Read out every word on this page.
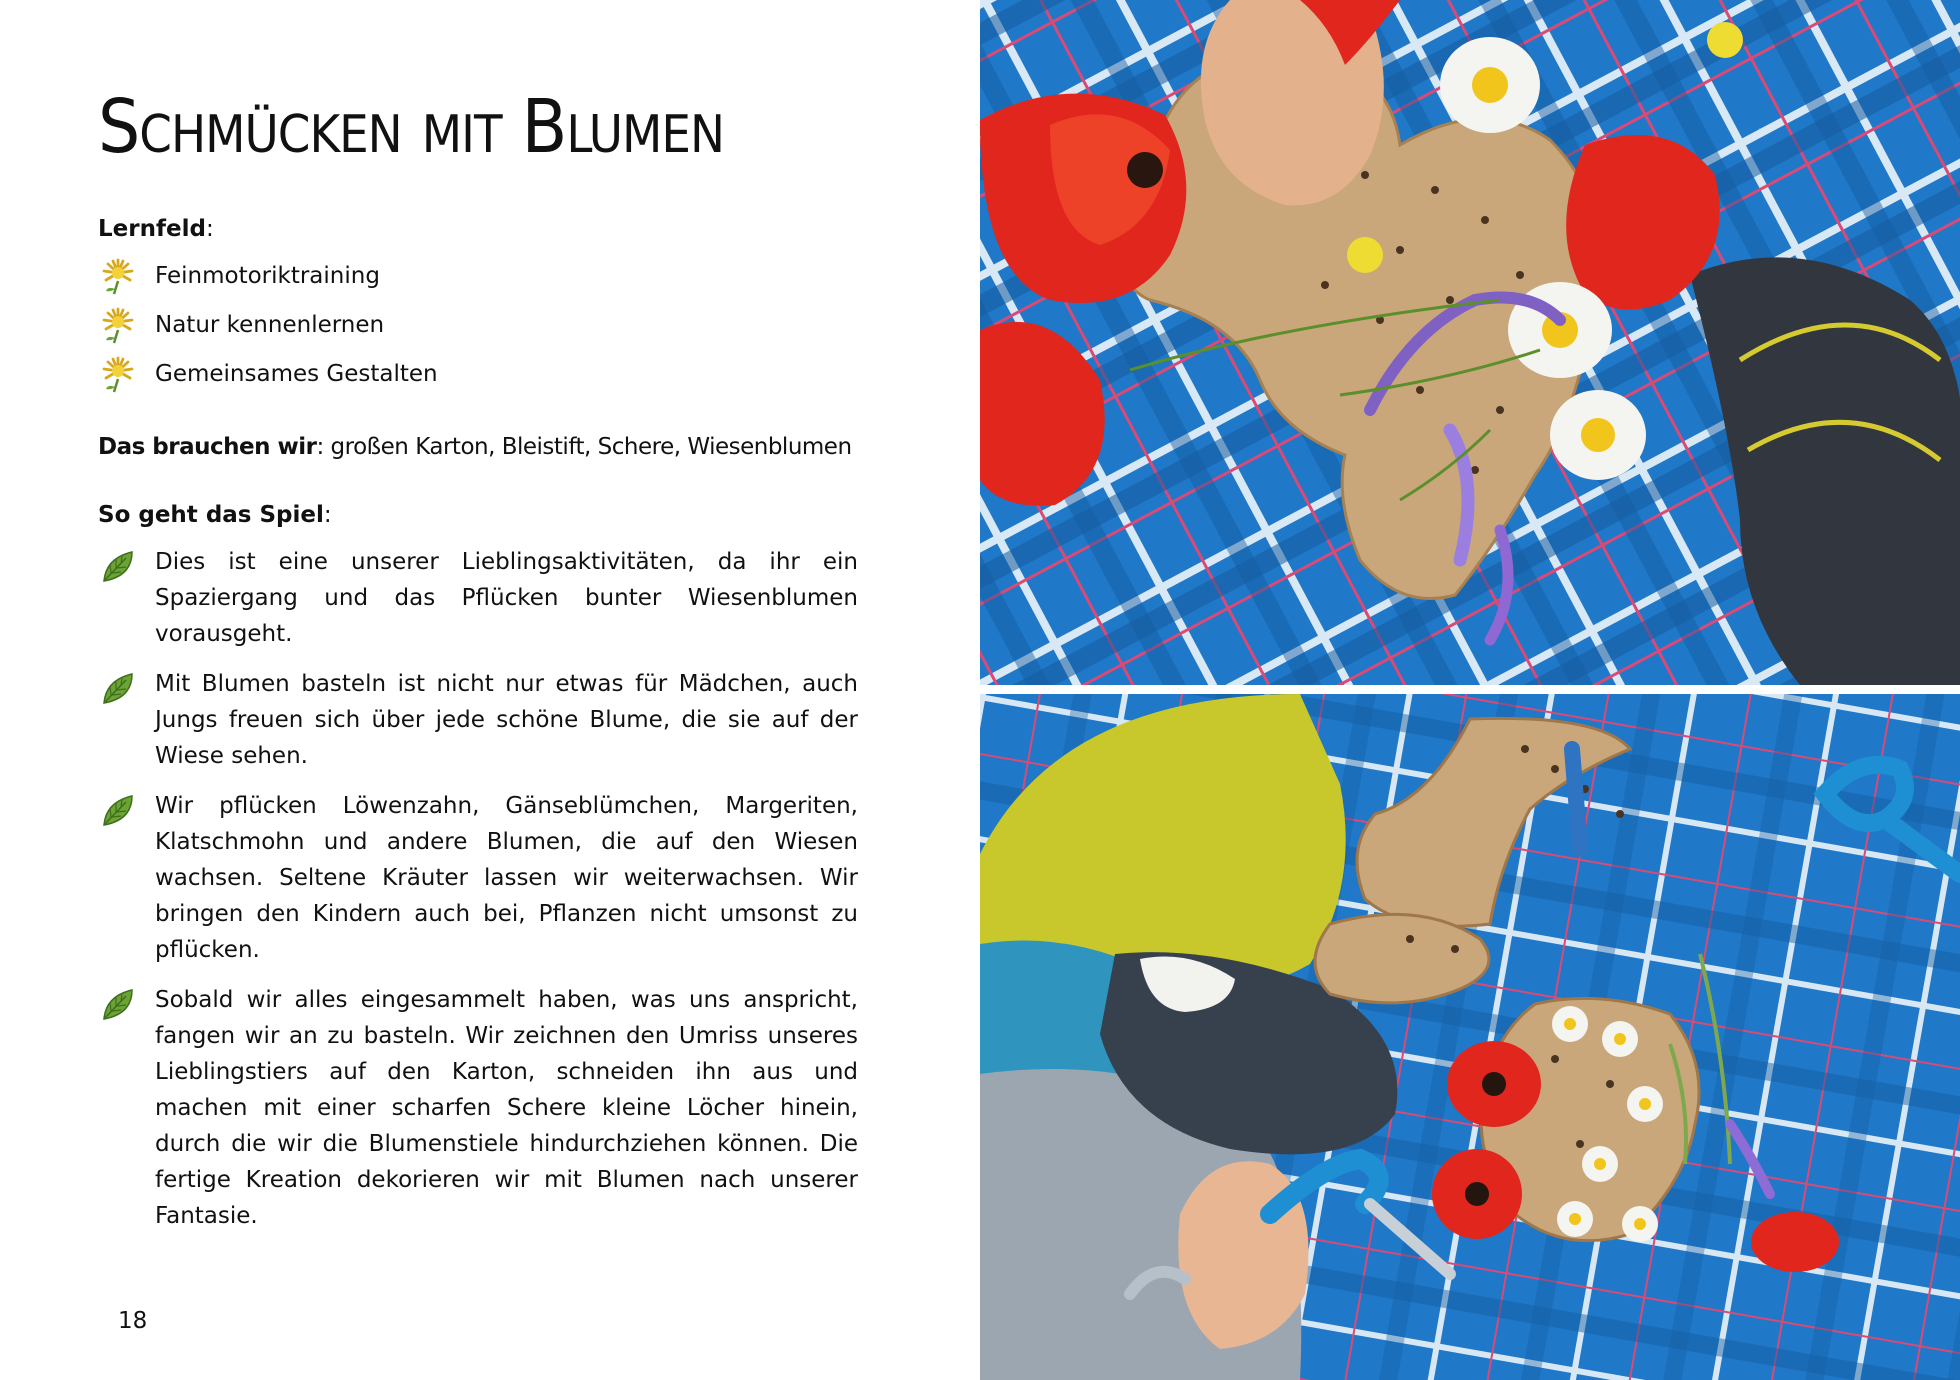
Schmücken mit Blumen
Lernfeld:
Feinmotoriktraining
Natur kennenlernen
Gemeinsames Gestalten
Das brauchen wir: großen Karton, Bleistift, Schere, Wiesenblumen
So geht das Spiel:
Dies ist eine unserer Lieblingsaktivitäten, da ihr ein Spaziergang und das Pflücken bunter Wiesenblumen vorausgeht.
Mit Blumen basteln ist nicht nur etwas für Mädchen, auch Jungs freuen sich über jede schöne Blume, die sie auf der Wiese sehen.
Wir pflücken Löwenzahn, Gänseblümchen, Margeriten, Klatschmohn und andere Blumen, die auf den Wiesen wachsen. Seltene Kräuter lassen wir weiterwachsen. Wir bringen den Kindern auch bei, Pflanzen nicht umsonst zu pflücken.
Sobald wir alles eingesammelt haben, was uns anspricht, fangen wir an zu basteln. Wir zeichnen den Umriss unseres Lieblingstiers auf den Karton, schneiden ihn aus und machen mit einer scharfen Schere kleine Löcher hinein, durch die wir die Blumenstiele hindurchziehen können. Die fertige Kreation dekorieren wir mit Blumen nach unserer Fantasie.
18
